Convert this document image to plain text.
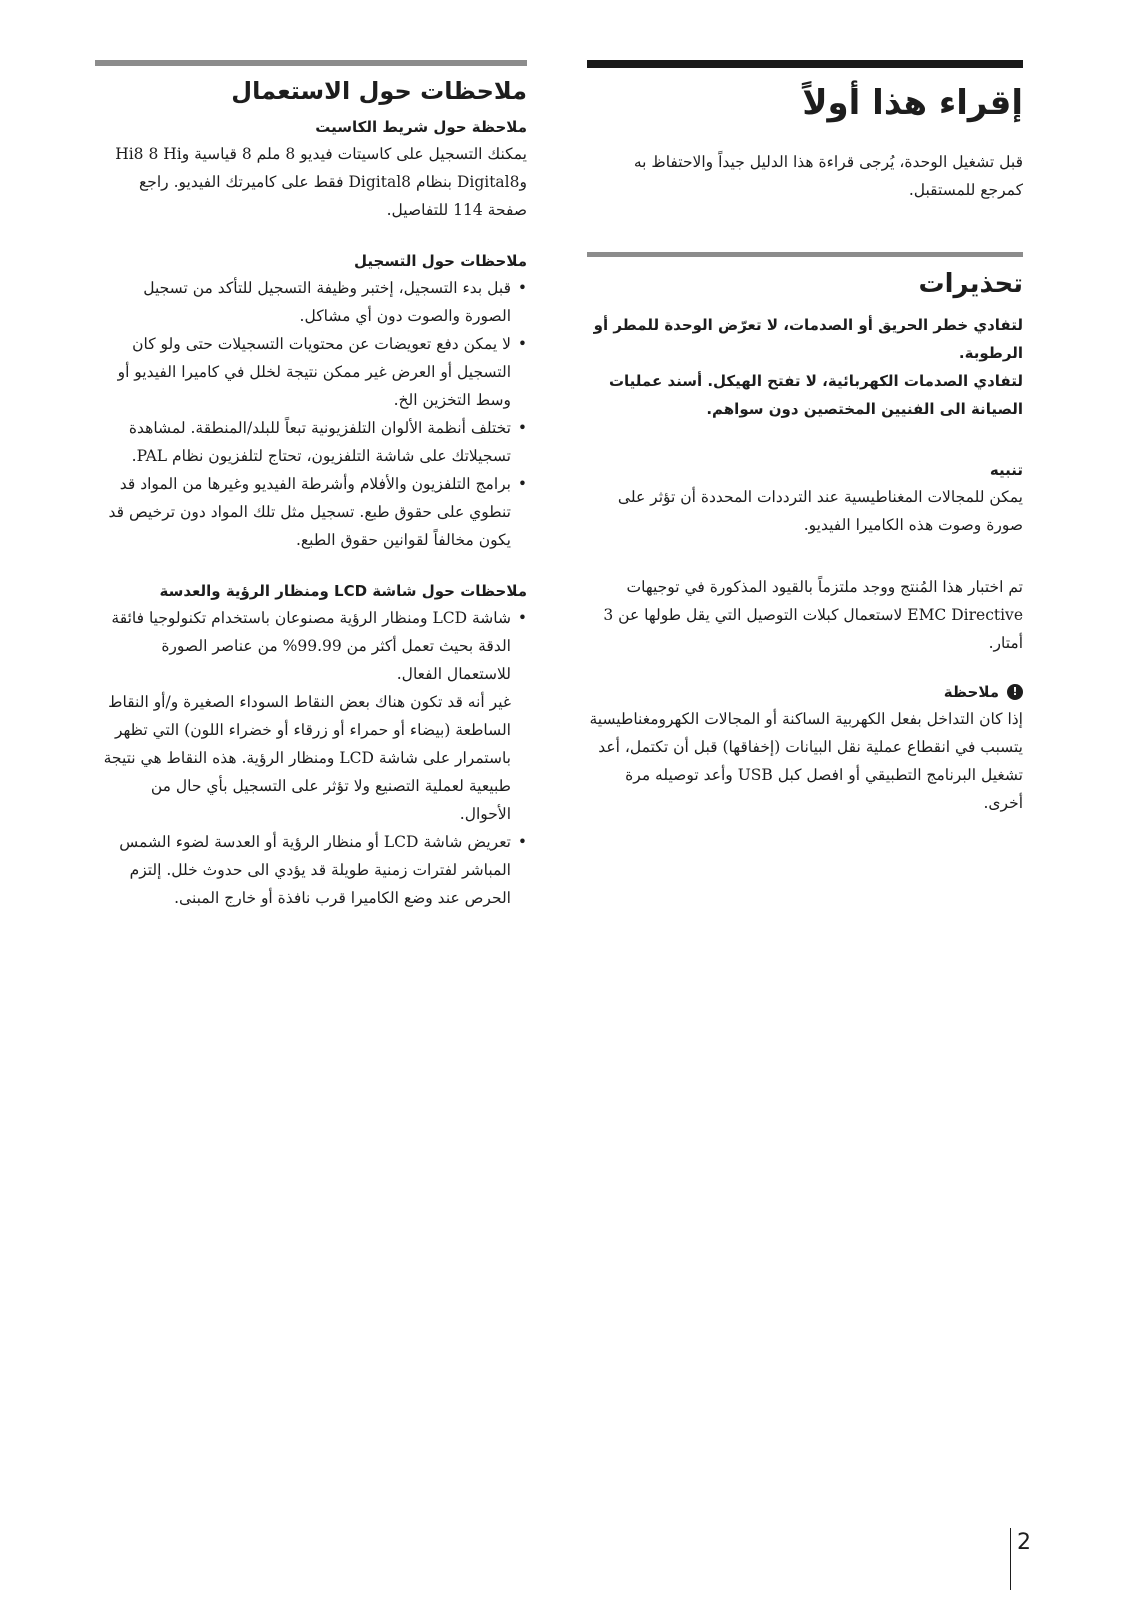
إقراء هذا أولاً

قبل تشغيل الوحدة، يُرجى قراءة هذا الدليل جيداً والاحتفاظ به كمرجع للمستقبل.

تحذيرات

لتفادي خطر الحريق أو الصدمات، لا تعرّض الوحدة للمطر أو الرطوبة.

لتفادي الصدمات الكهربائية، لا تفتح الهيكل. أسند عمليات الصيانة الى الفنيين المختصين دون سواهم.

تنبيه

يمكن للمجالات المغناطيسية عند الترددات المحددة أن تؤثر على صورة وصوت هذه الكاميرا الفيديو.

تم اختبار هذا المُنتج ووجد ملتزماً بالقيود المذكورة في توجيهات EMC Directive لاستعمال كبلات التوصيل التي يقل طولها عن 3 أمتار.

!
ملاحظة

إذا كان التداخل بفعل الكهربية الساكنة أو المجالات الكهرومغناطيسية يتسبب في انقطاع عملية نقل البيانات (إخفاقها) قبل أن تكتمل، أعد تشغيل البرنامج التطبيقي أو افصل كبل USB وأعد توصيله مرة أخرى.

ملاحظات حول الاستعمال
ملاحظة حول شريط الكاسيت

يمكنك التسجيل على كاسيتات فيديو 8 ملم 8 قياسية وHi8 8 Hi وDigital8 بنظام Digital8 فقط على كاميرتك الفيديو. راجع صفحة 114 للتفاصيل.

ملاحظات حول التسجيل
• قبل بدء التسجيل، إختبر وظيفة التسجيل للتأكد من تسجيل الصورة والصوت دون أي مشاكل.
• لا يمكن دفع تعويضات عن محتويات التسجيلات حتى ولو كان التسجيل أو العرض غير ممكن نتيجة لخلل في كاميرا الفيديو أو وسط التخزين الخ.
• تختلف أنظمة الألوان التلفزيونية تبعاً للبلد/المنطقة. لمشاهدة تسجيلاتك على شاشة التلفزيون، تحتاج لتلفزيون نظام PAL.
• برامج التلفزيون والأفلام وأشرطة الفيديو وغيرها من المواد قد تنطوي على حقوق طبع. تسجيل مثل تلك المواد دون ترخيص قد يكون مخالفاً لقوانين حقوق الطبع.
ملاحظات حول شاشة LCD ومنظار الرؤية والعدسة
• شاشة LCD ومنظار الرؤية مصنوعان باستخدام تكنولوجيا فائقة الدقة بحيث تعمل أكثر من 99.99% من عناصر الصورة للاستعمال الفعال.
غير أنه قد تكون هناك بعض النقاط السوداء الصغيرة و/أو النقاط الساطعة (بيضاء أو حمراء أو زرقاء أو خضراء اللون) التي تظهر باستمرار على شاشة LCD ومنظار الرؤية. هذه النقاط هي نتيجة طبيعية لعملية التصنيع ولا تؤثر على التسجيل بأي حال من الأحوال.
• تعريض شاشة LCD أو منظار الرؤية أو العدسة لضوء الشمس المباشر لفترات زمنية طويلة قد يؤدي الى حدوث خلل. إلتزم الحرص عند وضع الكاميرا قرب نافذة أو خارج المبنى.
2
